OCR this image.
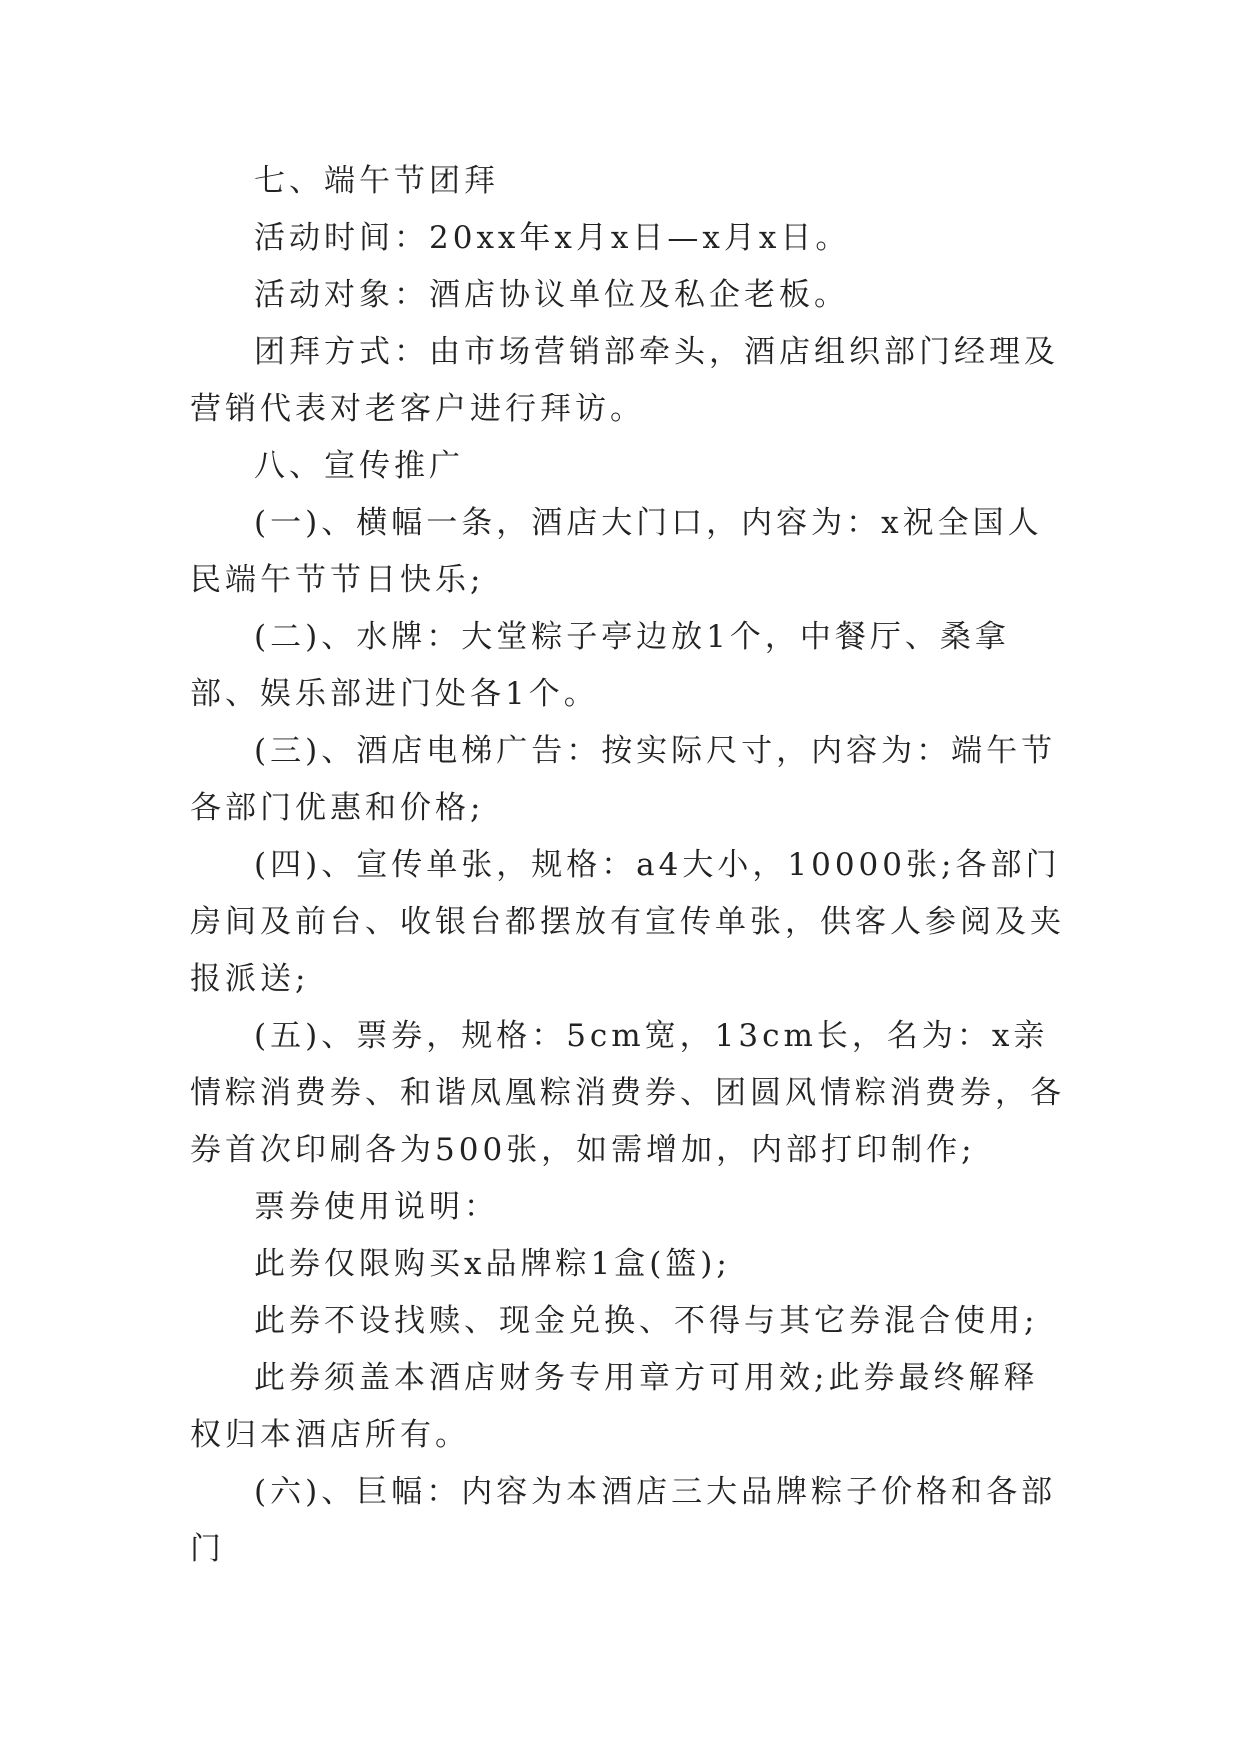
七、端午节团拜

活动时间：20xx年x月x日—x月x日。

活动对象：酒店协议单位及私企老板。

团拜方式：由市场营销部牵头，酒店组织部门经理及营销代表对老客户进行拜访。

八、宣传推广

(一)、横幅一条，酒店大门口，内容为：x祝全国人民端午节节日快乐;

(二)、水牌：大堂粽子亭边放1个，中餐厅、桑拿部、娱乐部进门处各1个。

(三)、酒店电梯广告：按实际尺寸，内容为：端午节各部门优惠和价格;

(四)、宣传单张，规格：a4大小，10000张;各部门房间及前台、收银台都摆放有宣传单张，供客人参阅及夹报派送;

(五)、票券，规格：5cm宽，13cm长，名为：x亲情粽消费券、和谐凤凰粽消费券、团圆风情粽消费券，各券首次印刷各为500张，如需增加，内部打印制作;

票券使用说明：

此券仅限购买x品牌粽1盒(篮);

此券不设找赎、现金兑换、不得与其它券混合使用;

此券须盖本酒店财务专用章方可用效;此券最终解释权归本酒店所有。

(六)、巨幅：内容为本酒店三大品牌粽子价格和各部门
